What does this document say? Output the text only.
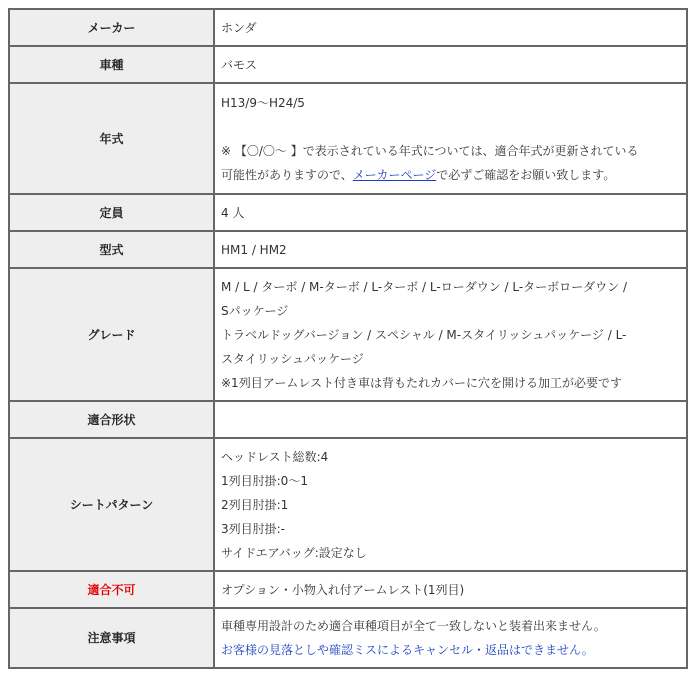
メーカー	ホンダ
車種	バモス
年式	H13/9～H24/5
※ 【〇/〇～ 】で表示されている年式については、適合年式が更新されている
可能性がありますので、メーカーページで必ずご確認をお願い致します。

定員	4 人
型式	HM1 / HM2
グレード	M / L / ターボ / M-ターボ / L-ターボ / L-ローダウン / L-ターボローダウン /
Sパッケージ
トラベルドッグバージョン / スペシャル / M-スタイリッシュパッケージ / L-
スタイリッシュパッケージ
※1列目アームレスト付き車は背もたれカバーに穴を開ける加工が必要です

適合形状	
シートパターン	ヘッドレスト総数:4
1列目肘掛:0～1
2列目肘掛:1
3列目肘掛:-
サイドエアバッグ:設定なし

適合不可	オプション・小物入れ付アームレスト(1列目)
注意事項	車種専用設計のため適合車種項目が全て一致しないと装着出来ません。
お客様の見落としや確認ミスによるキャンセル・返品はできません。
